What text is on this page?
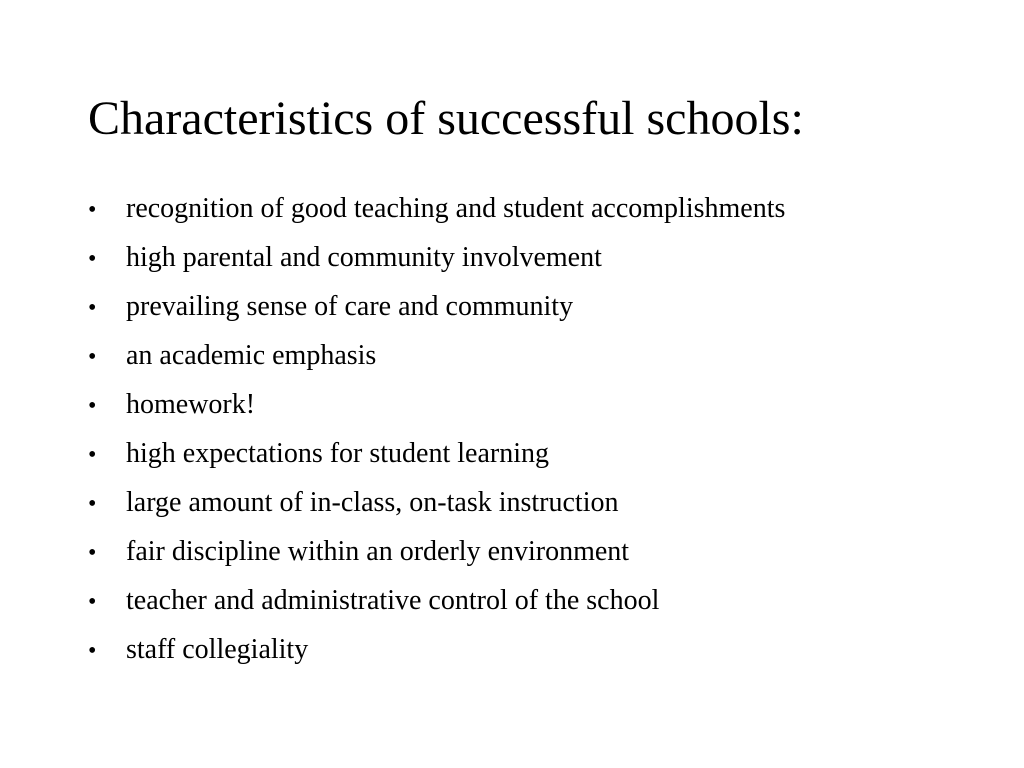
Characteristics of successful schools:
•	recognition of good teaching and student accomplishments
•	high parental and community involvement
•	prevailing sense of care and community
•	an academic emphasis
•	homework!
•	high expectations for student learning
•	large amount of in-class, on-task instruction
•	fair discipline within an orderly environment
•	teacher and administrative control of the school
•	staff collegiality
